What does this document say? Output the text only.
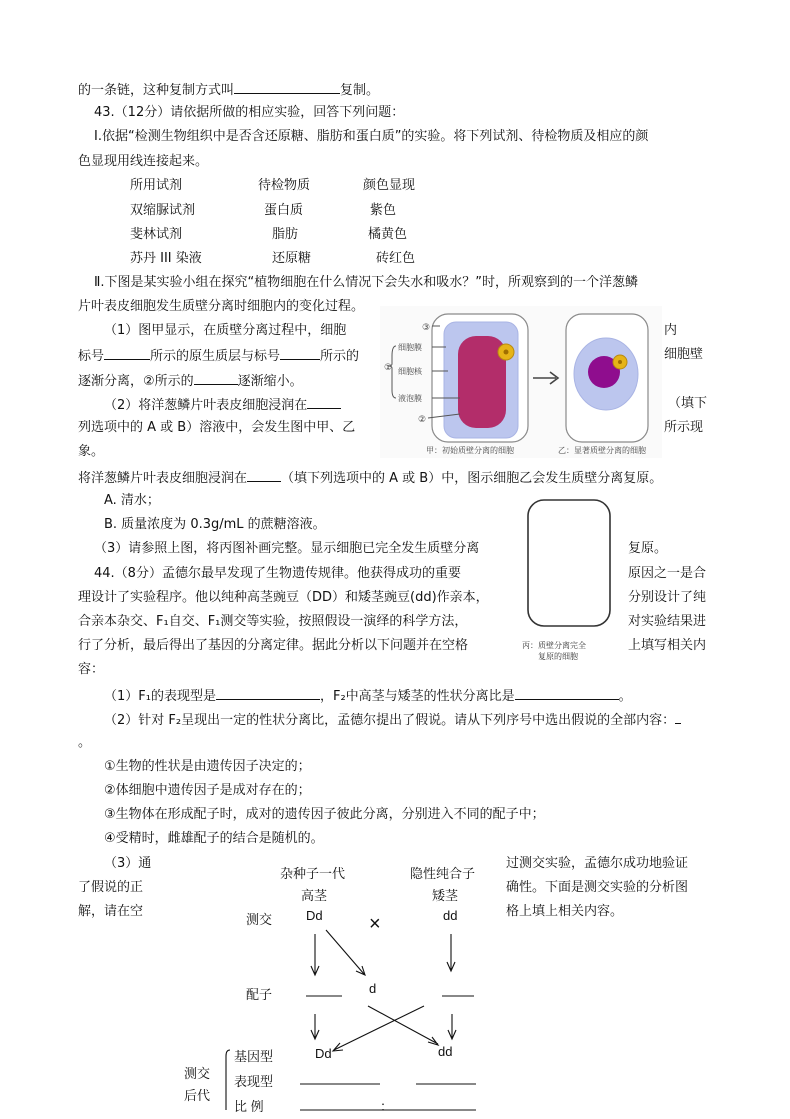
的一条链，这种复制方式叫	复制。
43.（12分）请依据所做的相应实验，回答下列问题：
Ⅰ.依据“检测生物组织中是否含还原糖、脂肪和蛋白质”的实验。将下列试剂、待检物质及相应的颜
色显现用线连接起来。
所用试剂	待检物质	颜色显现
双缩脲试剂	蛋白质	紫色
斐林试剂	脂肪	橘黄色
苏丹 III 染液	还原糖	砖红色
Ⅱ.下图是某实验小组在探究“植物细胞在什么情况下会失水和吸水？”时，所观察到的一个洋葱鳞
片叶表皮细胞发生质壁分离时细胞内的变化过程。
（1）图甲显示，在质壁分离过程中，细胞	内
标号	所示的原生质层与标号	所示的	细胞壁
逐渐分离，②所示的	逐渐缩小。
（2）将洋葱鳞片叶表皮细胞浸润在	（填下
列选项中的 A 或 B）溶液中，会发生图中甲、乙	所示现
象。
将洋葱鳞片叶表皮细胞浸润在	（填下列选项中的 A 或 B）中，图示细胞乙会发生质壁分离复原。
A. 清水；
B. 质量浓度为 0.3g/mL 的蔗糖溶液。
（3）请参照上图，将丙图补画完整。显示细胞已完全发生质壁分离	复原。
③
细胞膜
① 细胞核
液泡膜
②
甲：初始质壁分离的细胞	乙：显著质壁分离的细胞
丙：质壁分离完全
复原的细胞
44.（8分）孟德尔最早发现了生物遗传规律。他获得成功的重要	原因之一是合
理设计了实验程序。他以纯种高茎豌豆（DD）和矮茎豌豆(dd)作亲本，	分别设计了纯
合亲本杂交、F₁自交、F₁测交等实验，按照假设一演绎的科学方法，	对实验结果进
行了分析，最后得出了基因的分离定律。据此分析以下问题并在空格	上填写相关内
容：
（1）F₁的表现型是	，F₂中高茎与矮茎的性状分离比是	。
（2）针对 F₂呈现出一定的性状分离比，孟德尔提出了假说。请从下列序号中选出假说的全部内容：
。
①生物的性状是由遗传因子决定的；
②体细胞中遗传因子是成对存在的；
③生物体在形成配子时，成对的遗传因子彼此分离，分别进入不同的配子中；
④受精时，雌雄配子的结合是随机的。
（3）通	过测交实验，孟德尔成功地验证
了假说的正	确性。下面是测交实验的分析图
解，请在空	格上填上相关内容。
杂种子一代
高茎
Dd
隐性纯合子
矮茎
dd
测交	×
配子	d
Dd	dd
测交
后代
基因型
表现型
比 例	：
